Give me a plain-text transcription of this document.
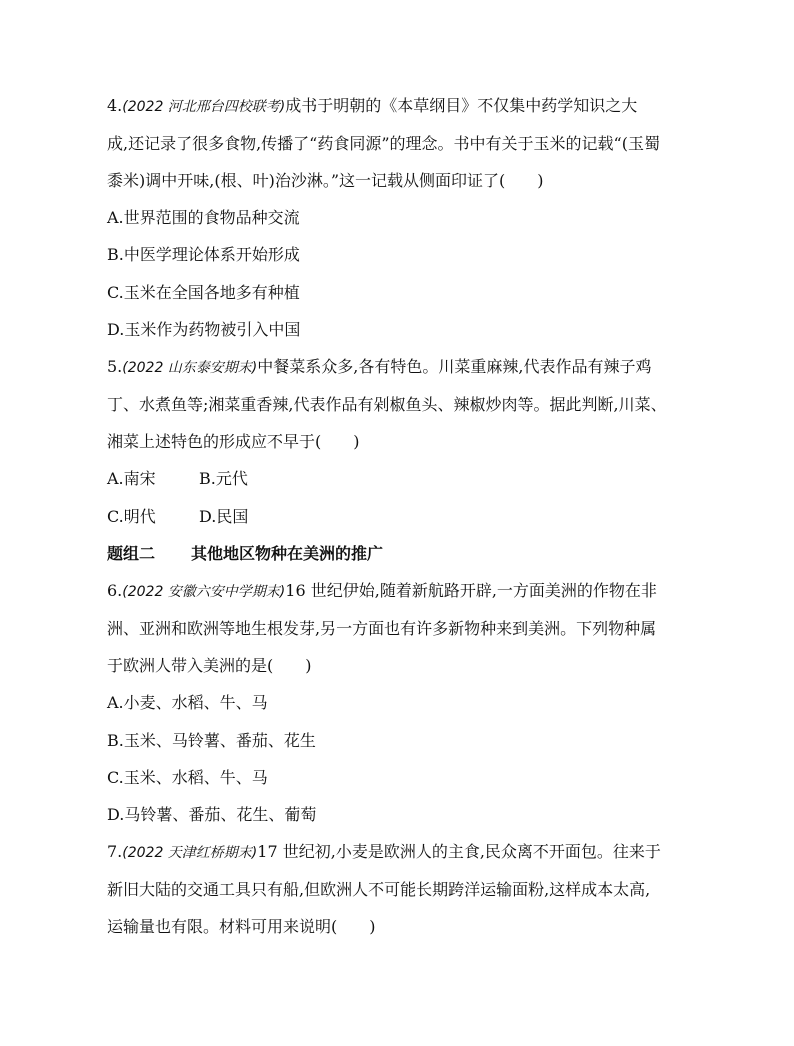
4.(2022 河北邢台四校联考)成书于明朝的《本草纲目》不仅集中药学知识之大
成,还记录了很多食物,传播了“药食同源”的理念。书中有关于玉米的记载“(玉蜀
黍米)调中开味,(根、叶)治沙淋。”这一记载从侧面印证了( )
A.世界范围的食物品种交流
B.中医学理论体系开始形成
C.玉米在全国各地多有种植
D.玉米作为药物被引入中国
5.(2022 山东泰安期末)中餐菜系众多,各有特色。川菜重麻辣,代表作品有辣子鸡
丁、水煮鱼等;湘菜重香辣,代表作品有剁椒鱼头、辣椒炒肉等。据此判断,川菜、
湘菜上述特色的形成应不早于( )
A.南宋	B.元代
C.明代	D.民国
题组二 其他地区物种在美洲的推广
6.(2022 安徽六安中学期末)16 世纪伊始,随着新航路开辟,一方面美洲的作物在非
洲、亚洲和欧洲等地生根发芽,另一方面也有许多新物种来到美洲。下列物种属
于欧洲人带入美洲的是( )
A.小麦、水稻、牛、马
B.玉米、马铃薯、番茄、花生
C.玉米、水稻、牛、马
D.马铃薯、番茄、花生、葡萄
7.(2022 天津红桥期末)17 世纪初,小麦是欧洲人的主食,民众离不开面包。往来于
新旧大陆的交通工具只有船,但欧洲人不可能长期跨洋运输面粉,这样成本太高,
运输量也有限。材料可用来说明( )
